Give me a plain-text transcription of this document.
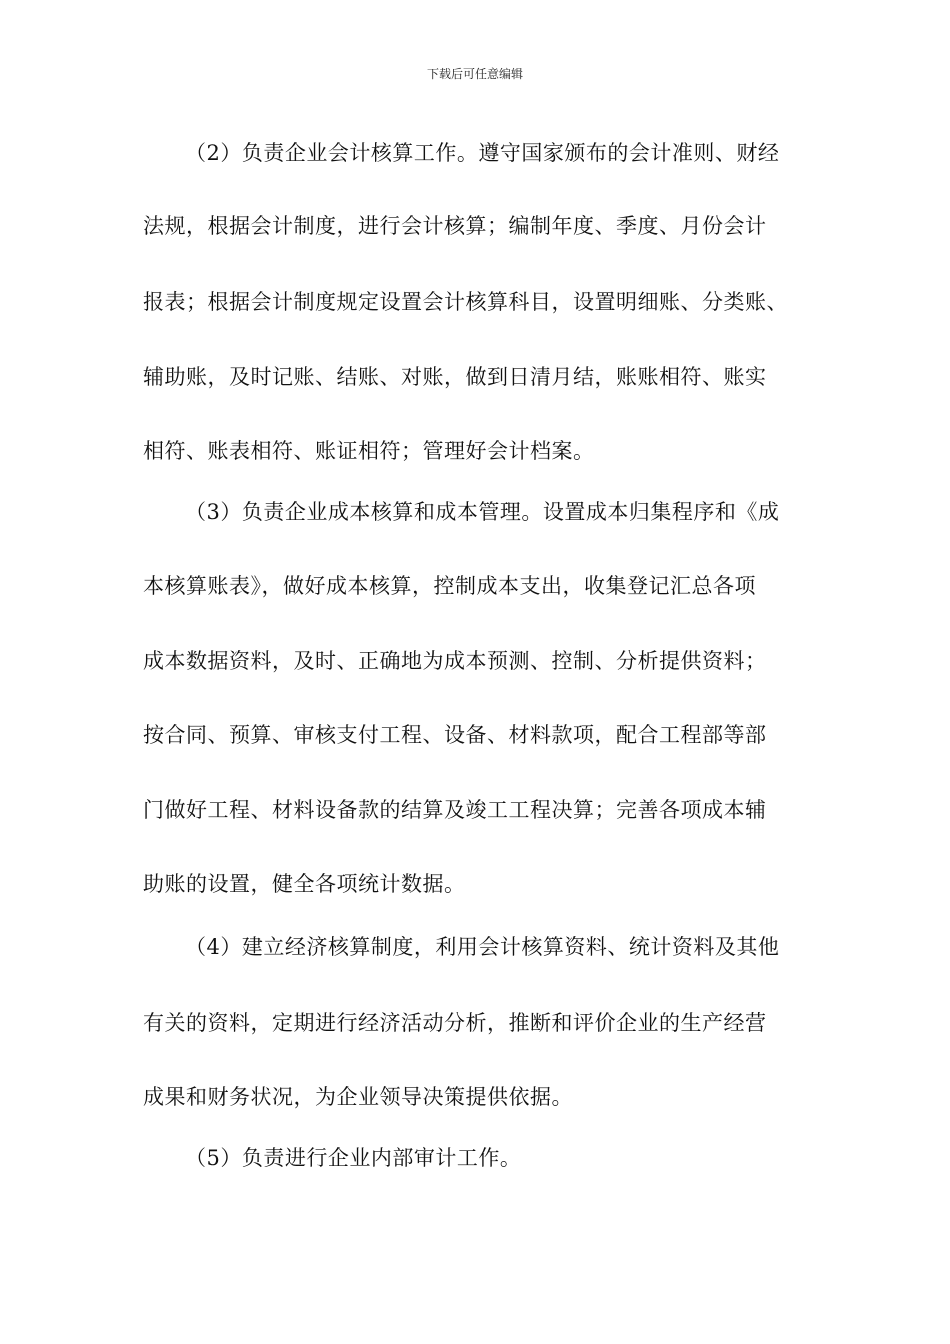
下载后可任意编辑
（2）负责企业会计核算工作。遵守国家颁布的会计准则、财经
法规，根据会计制度，进行会计核算；编制年度、季度、月份会计
报表；根据会计制度规定设置会计核算科目，设置明细账、分类账、
辅助账，及时记账、结账、对账，做到日清月结，账账相符、账实
相符、账表相符、账证相符；管理好会计档案。
（3）负责企业成本核算和成本管理。设置成本归集程序和《成
本核算账表》，做好成本核算，控制成本支出，收集登记汇总各项
成本数据资料，及时、正确地为成本预测、控制、分析提供资料；
按合同、预算、审核支付工程、设备、材料款项，配合工程部等部
门做好工程、材料设备款的结算及竣工工程决算；完善各项成本辅
助账的设置，健全各项统计数据。
（4）建立经济核算制度，利用会计核算资料、统计资料及其他
有关的资料，定期进行经济活动分析，推断和评价企业的生产经营
成果和财务状况，为企业领导决策提供依据。
（5）负责进行企业内部审计工作。
